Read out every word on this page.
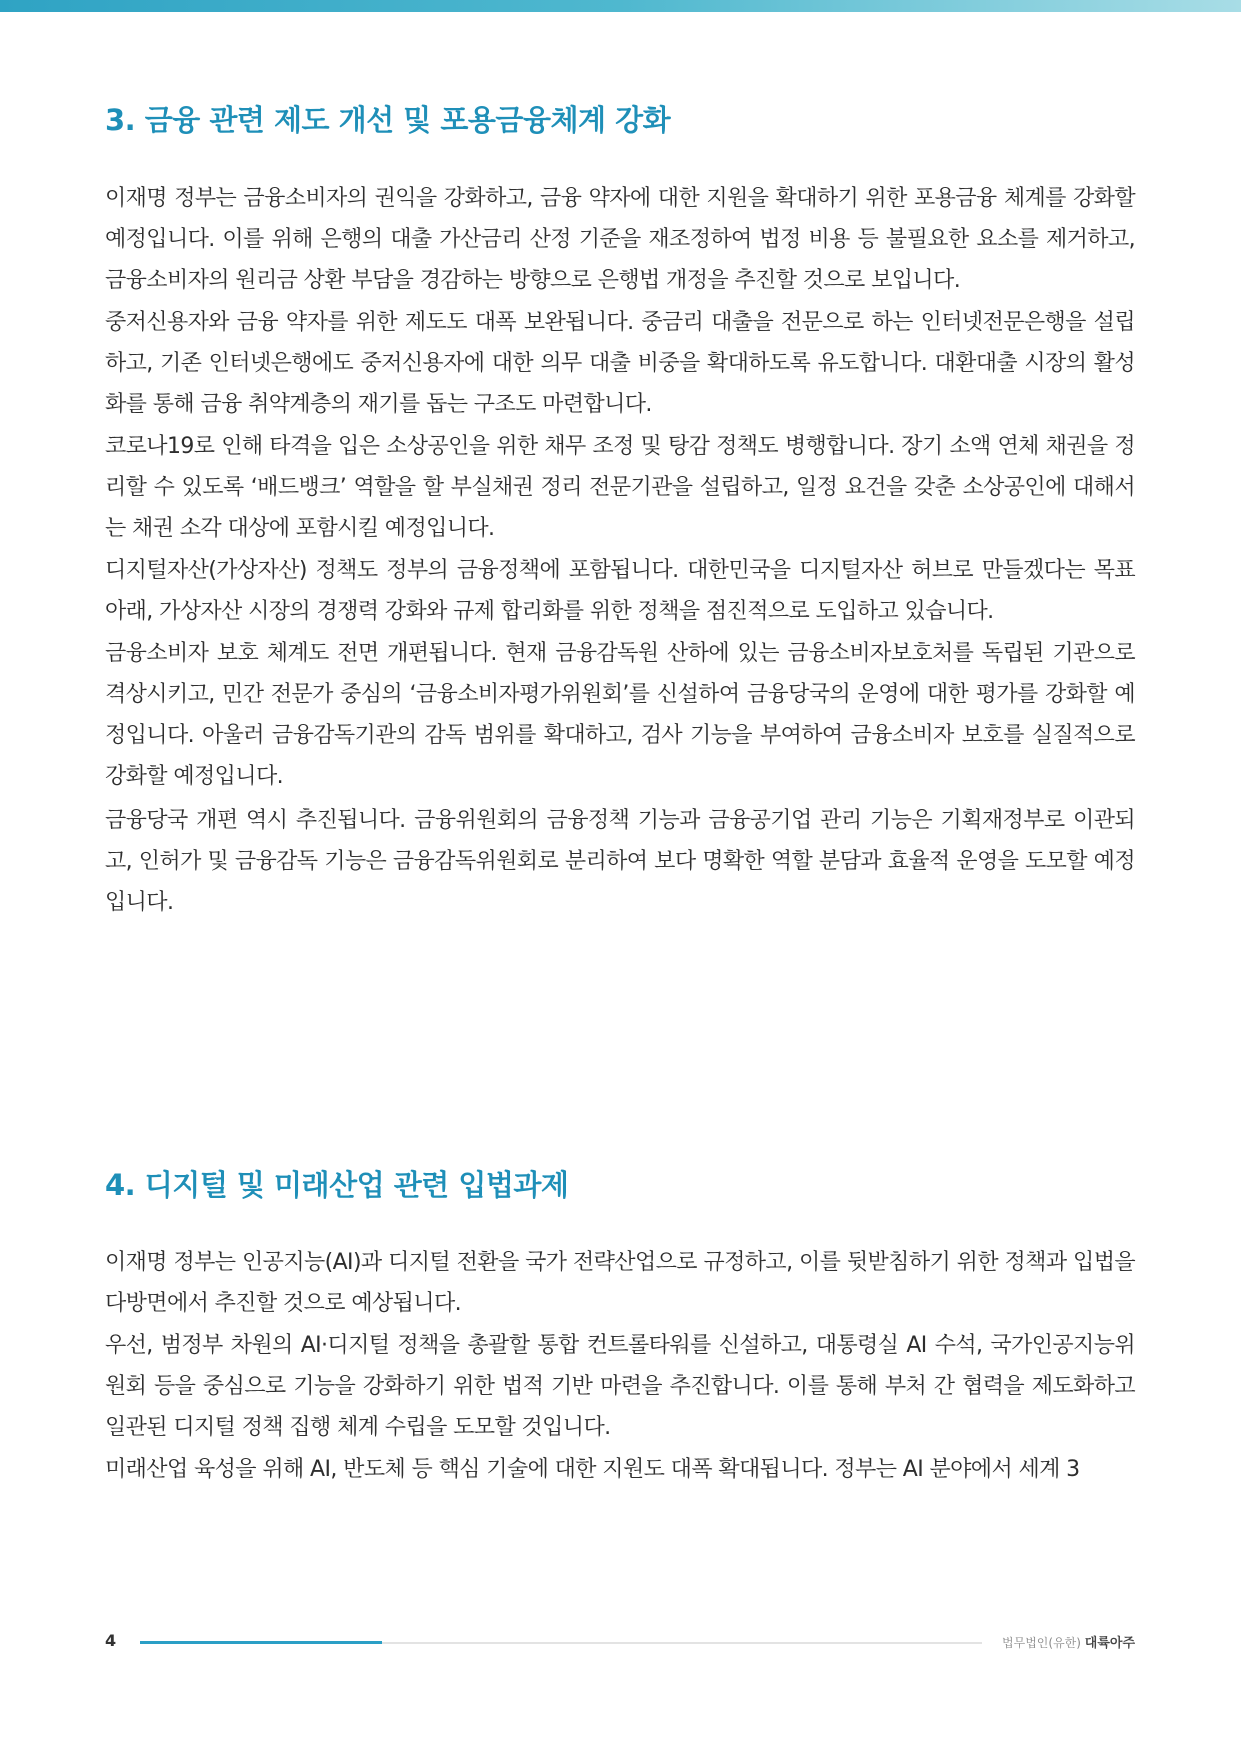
3. 금융 관련 제도 개선 및 포용금융체계 강화

이재명 정부는 금융소비자의 권익을 강화하고, 금융 약자에 대한 지원을 확대하기 위한 포용금융 체계를 강화할 예정입니다. 이를 위해 은행의 대출 가산금리 산정 기준을 재조정하여 법정 비용 등 불필요한 요소를 제거하고, 금융소비자의 원리금 상환 부담을 경감하는 방향으로 은행법 개정을 추진할 것으로 보입니다.

중저신용자와 금융 약자를 위한 제도도 대폭 보완됩니다. 중금리 대출을 전문으로 하는 인터넷전문은행을 설립하고, 기존 인터넷은행에도 중저신용자에 대한 의무 대출 비중을 확대하도록 유도합니다. 대환대출 시장의 활성화를 통해 금융 취약계층의 재기를 돕는 구조도 마련합니다.

코로나19로 인해 타격을 입은 소상공인을 위한 채무 조정 및 탕감 정책도 병행합니다. 장기 소액 연체 채권을 정리할 수 있도록 ‘배드뱅크’ 역할을 할 부실채권 정리 전문기관을 설립하고, 일정 요건을 갖춘 소상공인에 대해서는 채권 소각 대상에 포함시킬 예정입니다.

디지털자산(가상자산) 정책도 정부의 금융정책에 포함됩니다. 대한민국을 디지털자산 허브로 만들겠다는 목표 아래, 가상자산 시장의 경쟁력 강화와 규제 합리화를 위한 정책을 점진적으로 도입하고 있습니다.

금융소비자 보호 체계도 전면 개편됩니다. 현재 금융감독원 산하에 있는 금융소비자보호처를 독립된 기관으로 격상시키고, 민간 전문가 중심의 ‘금융소비자평가위원회’를 신설하여 금융당국의 운영에 대한 평가를 강화할 예정입니다. 아울러 금융감독기관의 감독 범위를 확대하고, 검사 기능을 부여하여 금융소비자 보호를 실질적으로 강화할 예정입니다.

금융당국 개편 역시 추진됩니다. 금융위원회의 금융정책 기능과 금융공기업 관리 기능은 기획재정부로 이관되고, 인허가 및 금융감독 기능은 금융감독위원회로 분리하여 보다 명확한 역할 분담과 효율적 운영을 도모할 예정입니다.

4. 디지털 및 미래산업 관련 입법과제

이재명 정부는 인공지능(AI)과 디지털 전환을 국가 전략산업으로 규정하고, 이를 뒷받침하기 위한 정책과 입법을 다방면에서 추진할 것으로 예상됩니다.

우선, 범정부 차원의 AI·디지털 정책을 총괄할 통합 컨트롤타워를 신설하고, 대통령실 AI 수석, 국가인공지능위원회 등을 중심으로 기능을 강화하기 위한 법적 기반 마련을 추진합니다. 이를 통해 부처 간 협력을 제도화하고 일관된 디지털 정책 집행 체계 수립을 도모할 것입니다.

미래산업 육성을 위해 AI, 반도체 등 핵심 기술에 대한 지원도 대폭 확대됩니다. 정부는 AI 분야에서 세계 3

4	법무법인(유한) 대륙아주
